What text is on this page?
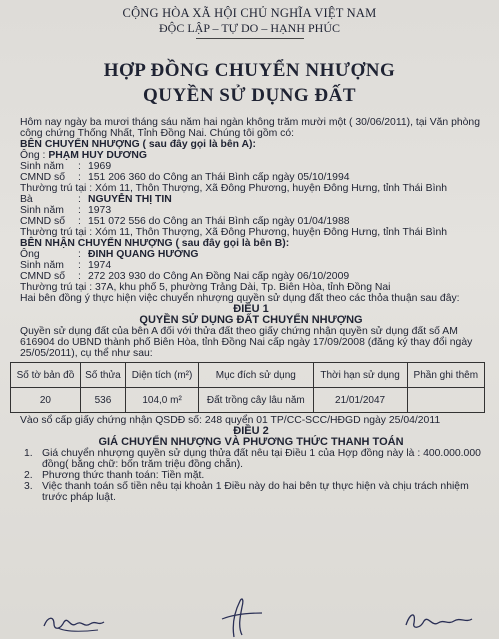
CỘNG HÒA XÃ HỘI CHỦ NGHĨA VIỆT NAM
ĐỘC LẬP – TỰ DO – HẠNH PHÚC
HỢP ĐỒNG CHUYỂN NHƯỢNG
QUYỀN SỬ DỤNG ĐẤT

Hôm nay ngày ba mươi tháng sáu năm hai ngàn không trăm mười một ( 30/06/2011), tại Văn phòng công chứng Thống Nhất, Tỉnh Đồng Nai. Chúng tôi gồm có:

BÊN CHUYỂN NHƯỢNG ( sau đây gọi là bên A):
Ông :
PHẠM HUY DƯƠNG
Sinh năm	: 1969
CMND số	: 151 206 360 do Công an Thái Bình cấp ngày 05/10/1994
Thường trú tại : Xóm 11, Thôn Thượng, Xã Đông Phương, huyện Đông Hưng, tỉnh Thái Bình
Bà	: NGUYỄN THỊ TIN
Sinh năm	: 1973
CMND số	: 151 072 556 do Công an Thái Bình cấp ngày 01/04/1988
Thường trú tại : Xóm 11, Thôn Thượng, Xã Đông Phương, huyện Đông Hưng, tỉnh Thái Bình
BÊN NHẬN CHUYỂN NHƯỢNG ( sau đây gọi là bên B):
Ông	: ĐINH QUANG HƯỚNG
Sinh năm	: 1974
CMND số	: 272 203 930 do Công An Đồng Nai cấp ngày 06/10/2009
Thường trú tại : 37A, khu phố 5, phường Trảng Dài, Tp. Biên Hòa, tỉnh Đồng Nai

Hai bên đồng ý thực hiện việc chuyển nhượng quyền sử dụng đất theo các thỏa thuận sau đây:

ĐIỀU 1
QUYỀN SỬ DỤNG ĐẤT CHUYỂN NHƯỢNG

Quyền sử dụng đất của bên A đối với thửa đất theo giấy chứng nhận quyền sử dụng đất số AM 616904 do UBND thành phố Biên Hòa, tỉnh Đồng Nai cấp ngày 17/09/2008 (đăng ký thay đổi ngày 25/05/2011), cụ thể như sau:

Số tờ bản đồ	Số thửa	Diện tích (m²)	Mục đích sử dụng	Thời hạn sử dụng	Phần ghi thêm
20	536	104,0 m²	Đất trồng cây lâu năm	21/01/2047	

Vào sổ cấp giấy chứng nhận QSDĐ số: 248 quyển 01 TP/CC-SCC/HĐGD ngày 25/04/2011

ĐIỀU 2
GIÁ CHUYỂN NHƯỢNG VÀ PHƯƠNG THỨC THANH TOÁN
1. Giá chuyển nhượng quyền sử dụng thửa đất nêu tại Điều 1 của Hợp đồng này là : 400.000.000 đồng( bằng chữ: bốn trăm triệu đồng chẵn).
2. Phương thức thanh toán: Tiền mặt.
3. Việc thanh toán số tiền nêu tại khoản 1 Điều này do hai bên tự thực hiện và chịu trách nhiệm trước pháp luật.
